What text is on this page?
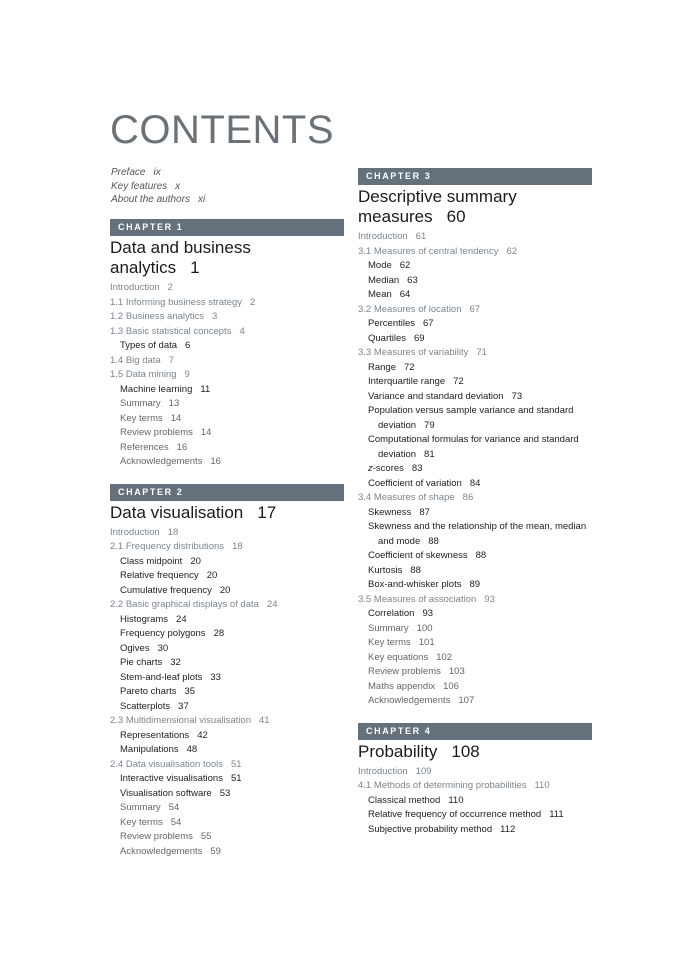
CONTENTS
Preface ix
Key features x
About the authors xi
CHAPTER 1
Data and business analytics 1
Introduction 2
1.1 Informing business strategy 2
1.2 Business analytics 3
1.3 Basic statistical concepts 4
Types of data 6
1.4 Big data 7
1.5 Data mining 9
Machine learning 11
Summary 13
Key terms 14
Review problems 14
References 16
Acknowledgements 16
CHAPTER 2
Data visualisation 17
Introduction 18
2.1 Frequency distributions 18
Class midpoint 20
Relative frequency 20
Cumulative frequency 20
2.2 Basic graphical displays of data 24
Histograms 24
Frequency polygons 28
Ogives 30
Pie charts 32
Stem-and-leaf plots 33
Pareto charts 35
Scatterplots 37
2.3 Multidimensional visualisation 41
Representations 42
Manipulations 48
2.4 Data visualisation tools 51
Interactive visualisations 51
Visualisation software 53
Summary 54
Key terms 54
Review problems 55
Acknowledgements 59
CHAPTER 3
Descriptive summary
measures 60
Introduction 61
3.1 Measures of central tendency 62
Mode 62
Median 63
Mean 64
3.2 Measures of location 67
Percentiles 67
Quartiles 69
3.3 Measures of variability 71
Range 72
Interquartile range 72
Variance and standard deviation 73
Population versus sample variance and standard deviation 79
Computational formulas for variance and standard deviation 81
z-scores 83
Coefficient of variation 84
3.4 Measures of shape 86
Skewness 87
Skewness and the relationship of the mean, median and mode 88
Coefficient of skewness 88
Kurtosis 88
Box-and-whisker plots 89
3.5 Measures of association 93
Correlation 93
Summary 100
Key terms 101
Key equations 102
Review problems 103
Maths appendix 106
Acknowledgements 107
CHAPTER 4
Probability 108
Introduction 109
4.1 Methods of determining probabilities 110
Classical method 110
Relative frequency of occurrence method 111
Subjective probability method 112
